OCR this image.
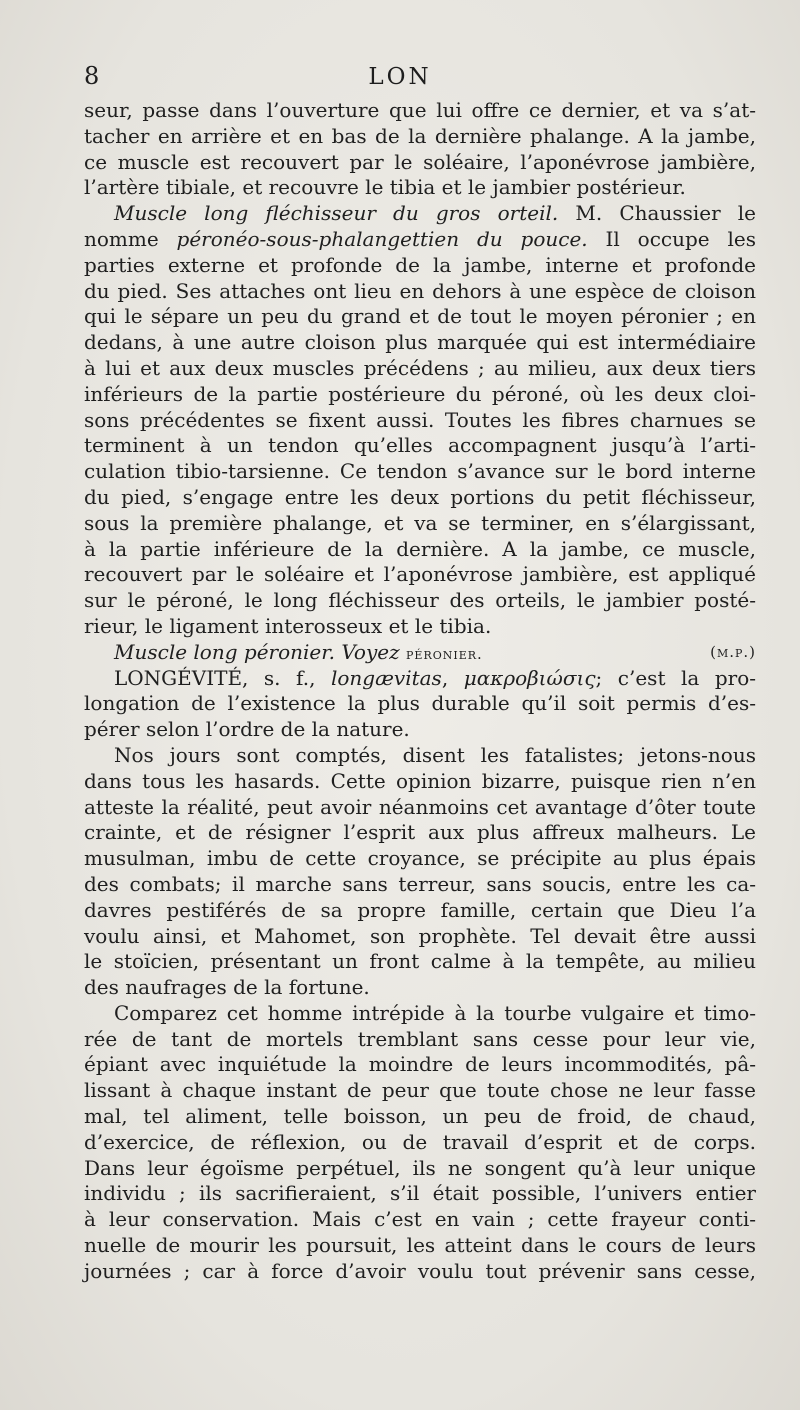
8	LON
seur, passe dans l’ouverture que lui offre ce dernier, et va s’at-
tacher en arrière et en bas de la dernière phalange. A la jambe,
ce muscle est recouvert par le soléaire, l’aponévrose jambière,
l’artère tibiale, et recouvre le tibia et le jambier postérieur.
Muscle long fléchisseur du gros orteil. M. Chaussier le
nomme péronéo-sous-phalangettien du pouce. Il occupe les
parties externe et profonde de la jambe, interne et profonde
du pied. Ses attaches ont lieu en dehors à une espèce de cloison
qui le sépare un peu du grand et de tout le moyen péronier ; en
dedans, à une autre cloison plus marquée qui est intermédiaire
à lui et aux deux muscles précédens ; au milieu, aux deux tiers
inférieurs de la partie postérieure du péroné, où les deux cloi-
sons précédentes se fixent aussi. Toutes les fibres charnues se
terminent à un tendon qu’elles accompagnent jusqu’à l’arti-
culation tibio-tarsienne. Ce tendon s’avance sur le bord interne
du pied, s’engage entre les deux portions du petit fléchisseur,
sous la première phalange, et va se terminer, en s’élargissant,
à la partie inférieure de la dernière. A la jambe, ce muscle,
recouvert par le soléaire et l’aponévrose jambière, est appliqué
sur le péroné, le long fléchisseur des orteils, le jambier posté-
rieur, le ligament interosseux et le tibia.
Muscle long péronier. Voyez péronier.	(m.p.)
LONGÉVITÉ, s. f., longævitas, μακροβιώσις; c’est la pro-
longation de l’existence la plus durable qu’il soit permis d’es-
pérer selon l’ordre de la nature.
Nos jours sont comptés, disent les fatalistes; jetons-nous
dans tous les hasards. Cette opinion bizarre, puisque rien n’en
atteste la réalité, peut avoir néanmoins cet avantage d’ôter toute
crainte, et de résigner l’esprit aux plus affreux malheurs. Le
musulman, imbu de cette croyance, se précipite au plus épais
des combats; il marche sans terreur, sans soucis, entre les ca-
davres pestiférés de sa propre famille, certain que Dieu l’a
voulu ainsi, et Mahomet, son prophète. Tel devait être aussi
le stoïcien, présentant un front calme à la tempête, au milieu
des naufrages de la fortune.
Comparez cet homme intrépide à la tourbe vulgaire et timo-
rée de tant de mortels tremblant sans cesse pour leur vie,
épiant avec inquiétude la moindre de leurs incommodités, pâ-
lissant à chaque instant de peur que toute chose ne leur fasse
mal, tel aliment, telle boisson, un peu de froid, de chaud,
d’exercice, de réflexion, ou de travail d’esprit et de corps.
Dans leur égoïsme perpétuel, ils ne songent qu’à leur unique
individu ; ils sacrifieraient, s’il était possible, l’univers entier
à leur conservation. Mais c’est en vain ; cette frayeur conti-
nuelle de mourir les poursuit, les atteint dans le cours de leurs
journées ; car à force d’avoir voulu tout prévenir sans cesse,
